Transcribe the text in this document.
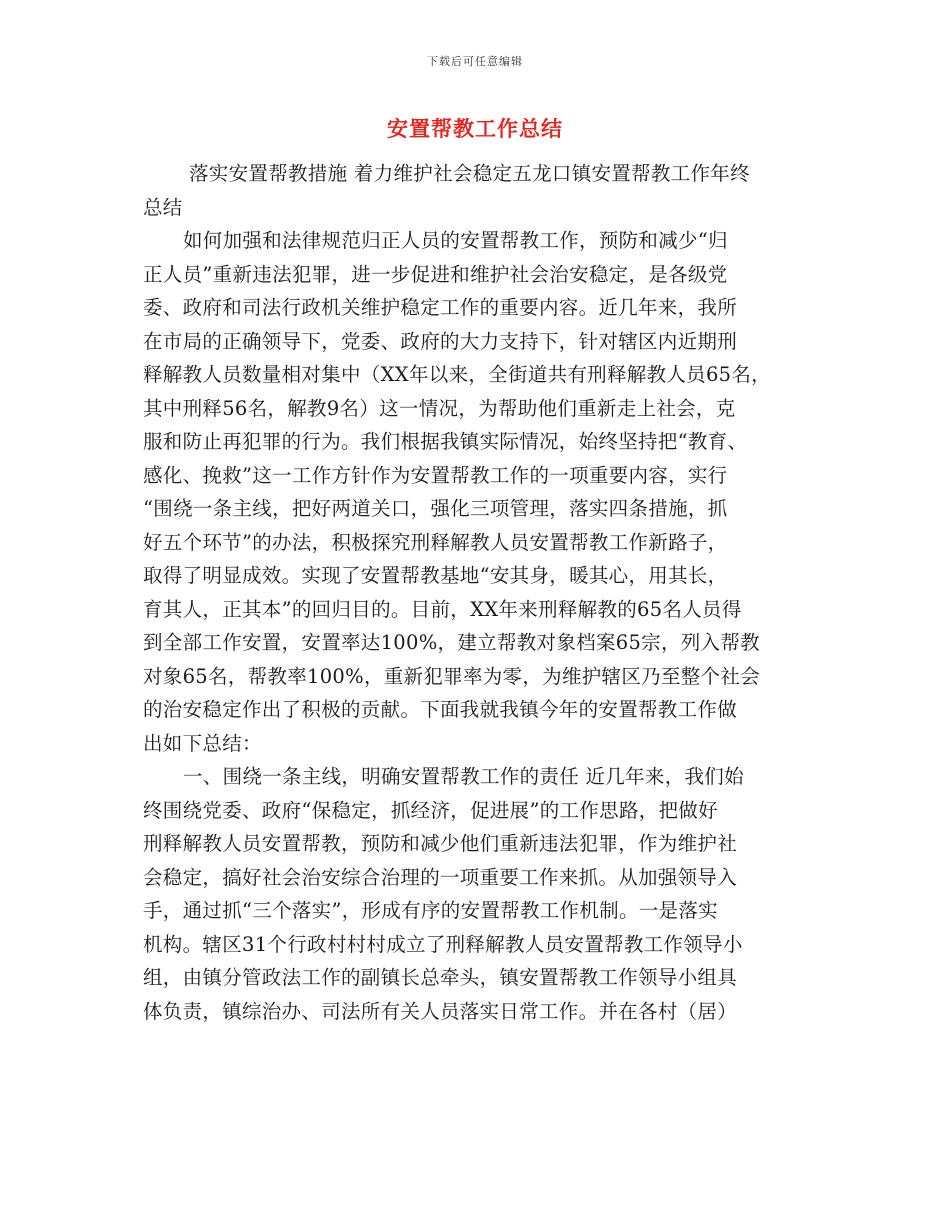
下载后可任意编辑
安置帮教工作总结
落实安置帮教措施 着力维护社会稳定五龙口镇安置帮教工作年终
总结
如何加强和法律规范归正人员的安置帮教工作，预防和减少“归
正人员”重新违法犯罪，进一步促进和维护社会治安稳定，是各级党
委、政府和司法行政机关维护稳定工作的重要内容。近几年来，我所
在市局的正确领导下，党委、政府的大力支持下，针对辖区内近期刑
释解教人员数量相对集中（XX年以来，全街道共有刑释解教人员65名，
其中刑释56名，解教9名）这一情况，为帮助他们重新走上社会，克
服和防止再犯罪的行为。我们根据我镇实际情况，始终坚持把“教育、
感化、挽救”这一工作方针作为安置帮教工作的一项重要内容，实行
“围绕一条主线，把好两道关口，强化三项管理，落实四条措施，抓
好五个环节”的办法，积极探究刑释解教人员安置帮教工作新路子，
取得了明显成效。实现了安置帮教基地“安其身，暖其心，用其长，
育其人，正其本”的回归目的。目前，XX年来刑释解教的65名人员得
到全部工作安置，安置率达100%，建立帮教对象档案65宗，列入帮教
对象65名，帮教率100%，重新犯罪率为零，为维护辖区乃至整个社会
的治安稳定作出了积极的贡献。下面我就我镇今年的安置帮教工作做
出如下总结：
一、围绕一条主线，明确安置帮教工作的责任 近几年来，我们始
终围绕党委、政府“保稳定，抓经济，促进展”的工作思路，把做好
刑释解教人员安置帮教，预防和减少他们重新违法犯罪，作为维护社
会稳定，搞好社会治安综合治理的一项重要工作来抓。从加强领导入
手，通过抓“三个落实”，形成有序的安置帮教工作机制。一是落实
机构。辖区31个行政村村村成立了刑释解教人员安置帮教工作领导小
组，由镇分管政法工作的副镇长总牵头，镇安置帮教工作领导小组具
体负责，镇综治办、司法所有关人员落实日常工作。并在各村（居）
